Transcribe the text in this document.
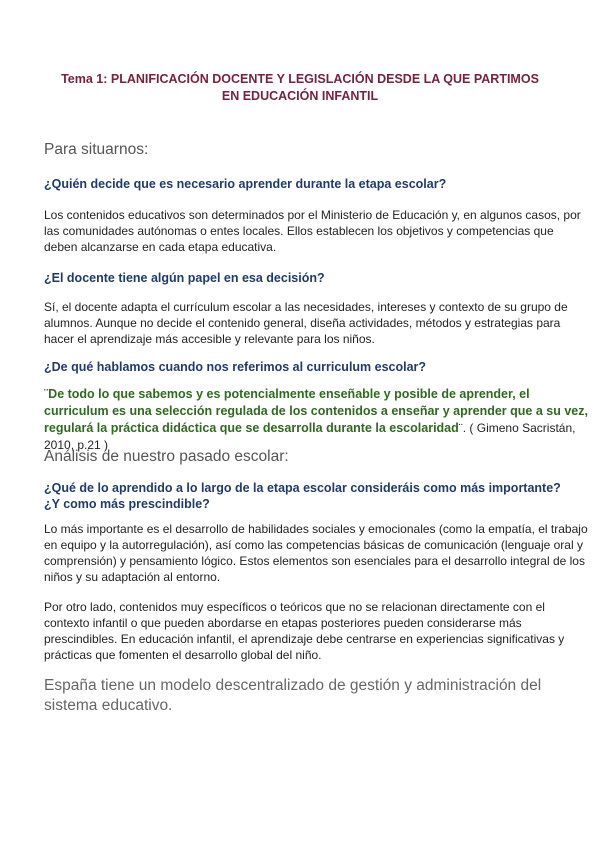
Tema 1: PLANIFICACIÓN DOCENTE Y LEGISLACIÓN DESDE LA QUE PARTIMOS EN EDUCACIÓN INFANTIL
Para situarnos:
¿Quién decide que es necesario aprender durante la etapa escolar?
Los contenidos educativos son determinados por el Ministerio de Educación y, en algunos casos, por las comunidades autónomas o entes locales. Ellos establecen los objetivos y competencias que deben alcanzarse en cada etapa educativa.
¿El docente tiene algún papel en esa decisión?
Sí, el docente adapta el currículum escolar a las necesidades, intereses y contexto de su grupo de alumnos. Aunque no decide el contenido general, diseña actividades, métodos y estrategias para hacer el aprendizaje más accesible y relevante para los niños.
¿De qué hablamos cuando nos referimos al curriculum escolar?
¨De todo lo que sabemos y es potencialmente enseñable y posible de aprender, el curriculum es una selección regulada de los contenidos a enseñar y aprender que a su vez, regulará la práctica didáctica que se desarrolla durante la escolaridad¨. ( Gimeno Sacristán, 2010, p.21 )
Análisis de nuestro pasado escolar:
¿Qué de lo aprendido a lo largo de la etapa escolar consideráis como más importante? ¿Y como más prescindible?
Lo más importante es el desarrollo de habilidades sociales y emocionales (como la empatía, el trabajo en equipo y la autorregulación), así como las competencias básicas de comunicación (lenguaje oral y comprensión) y pensamiento lógico. Estos elementos son esenciales para el desarrollo integral de los niños y su adaptación al entorno.
Por otro lado, contenidos muy específicos o teóricos que no se relacionan directamente con el contexto infantil o que pueden abordarse en etapas posteriores pueden considerarse más prescindibles. En educación infantil, el aprendizaje debe centrarse en experiencias significativas y prácticas que fomenten el desarrollo global del niño.
España tiene un modelo descentralizado de gestión y administración del sistema educativo.
